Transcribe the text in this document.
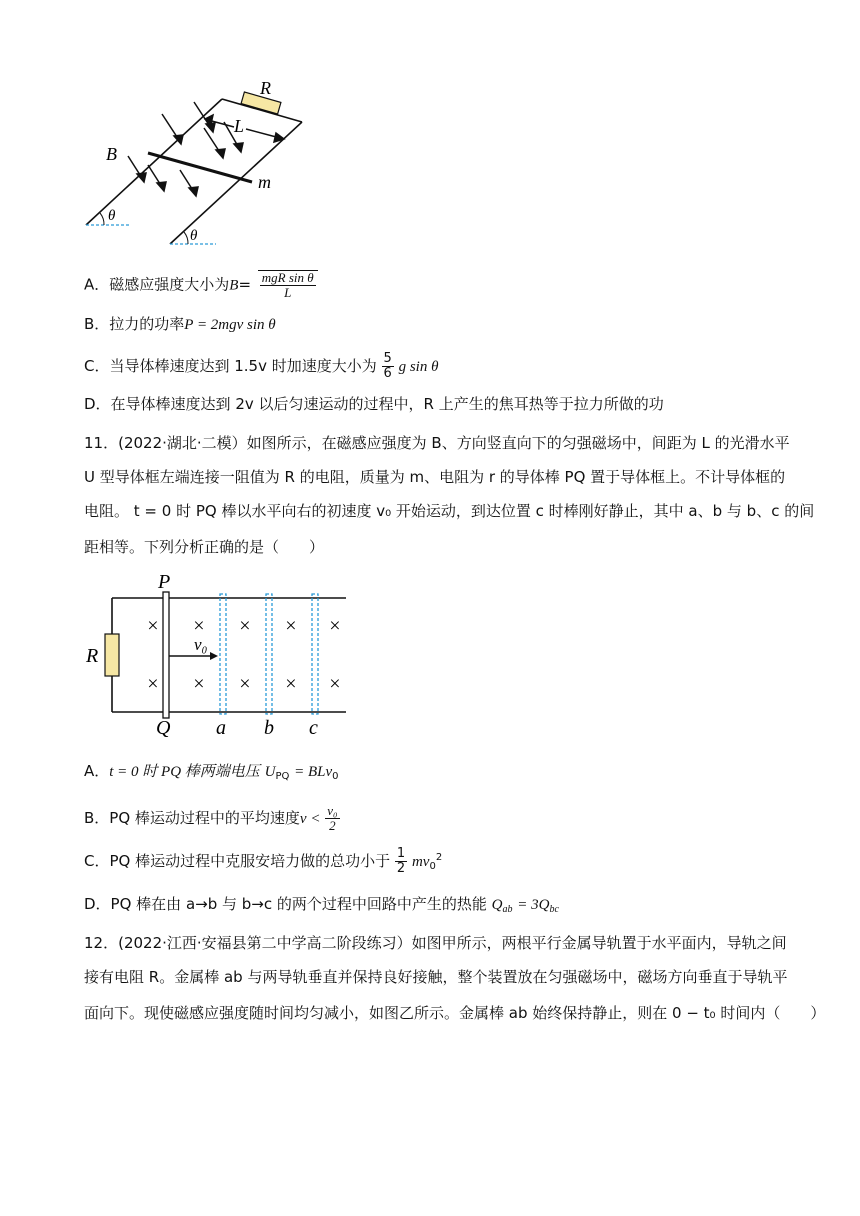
R
L
B
m
θ
θ
A．磁感应强度大小为$B= \frac{\text{mgR sin θ}}{L}$
B．拉力的功率P = 2mgv sin θ
C．当导体棒速度达到 1.5v 时加速度大小为 $\frac{5}{6}$ g sin θ
D．在导体棒速度达到 2v 以后匀速运动的过程中，R 上产生的焦耳热等于拉力所做的功
11．(2022·湖北·二模）如图所示，在磁感应强度为 B、方向竖直向下的匀强磁场中，间距为 L 的光滑水平
U 型导体框左端连接一阻值为 R 的电阻，质量为 m、电阻为 r 的导体棒 PQ 置于导体框上。不计导体框的
电阻。 t = 0 时 PQ 棒以水平向右的初速度 v₀ 开始运动，到达位置 c 时棒刚好静止，其中 a、b 与 b、c 的间
距相等。下列分析正确的是（　　）
× × × × ×
× × × × ×
P
Q
R
v₀
a b c
A．t = 0 时 PQ 棒两端电压 $U_{PQ} = BLv_0$
B．PQ 棒运动过程中的平均速度$v < \frac{\text{v₀}}{2}$
C．PQ 棒运动过程中克服安培力做的总功小于 $\frac{1}{2} mv_0^2$
D．PQ 棒在由 a→b 与 b→c 的两个过程中回路中产生的热能 $Q_{ab} = 3Q_{bc}$
12．(2022·江西·安福县第二中学高二阶段练习）如图甲所示，两根平行金属导轨置于水平面内，导轨之间
接有电阻 R。金属棒 ab 与两导轨垂直并保持良好接触，整个装置放在匀强磁场中，磁场方向垂直于导轨平
面向下。现使磁感应强度随时间均匀减小，如图乙所示。金属棒 ab 始终保持静止，则在 0 − t₀ 时间内（　　）
